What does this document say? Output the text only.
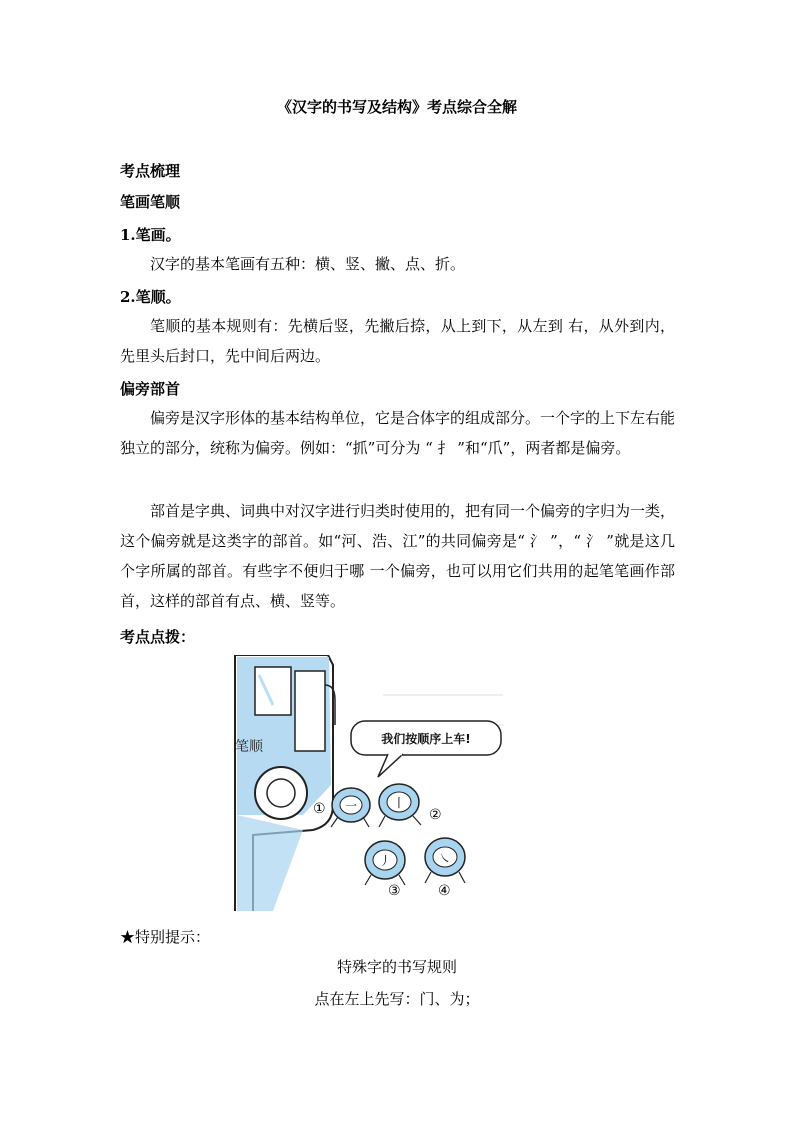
《汉字的书写及结构》考点综合全解
考点梳理
笔画笔顺
1.笔画。

汉字的基本笔画有五种：横、竖、撇、点、折。

2.笔顺。

笔顺的基本规则有：先横后竖，先撇后捺，从上到下，从左到 右，从外到内，先里头后封口，先中间后两边。

偏旁部首

偏旁是汉字形体的基本结构单位，它是合体字的组成部分。一个字的上下左右能独立的部分，统称为偏旁。例如：“抓”可分为 “ 扌 ”和“爪”，两者都是偏旁。

部首是字典、词典中对汉字进行归类时使用的，把有同一个偏旁的字归为一类，这个偏旁就是这类字的部首。如“河、浩、江”的共同偏旁是“ 氵 ”，“ 氵 ”就是这几个字所属的部首。有些字不便归于哪 一个偏旁，也可以用它们共用的起笔笔画作部首，这样的部首有点、横、竖等。

考点点拨：
笔顺	我们按顺序上车!
一
①	丨
②
丿
③
㇏
④
★特别提示：
特殊字的书写规则
点在左上先写：门、为；
